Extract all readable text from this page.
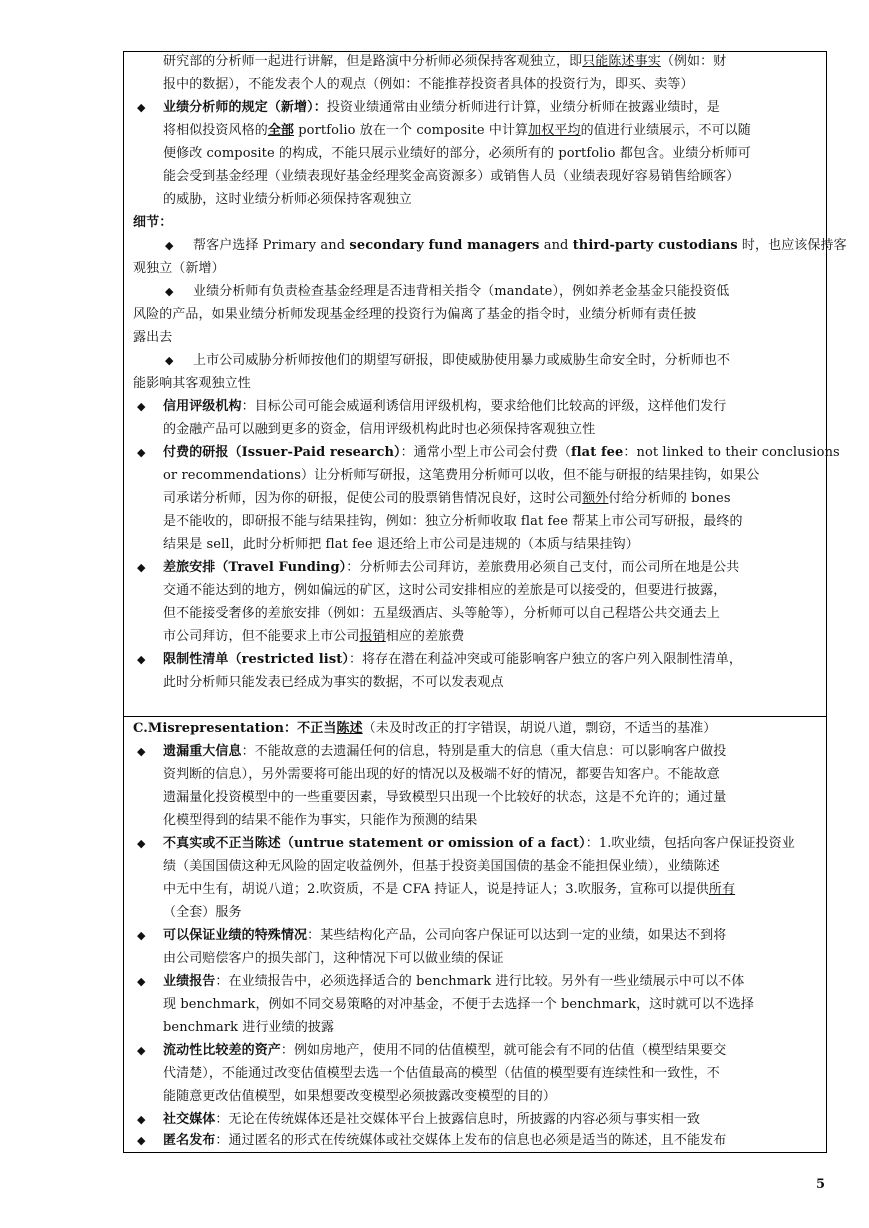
研究部的分析师一起进行讲解，但是路演中分析师必须保持客观独立，即只能陈述事实（例如：财
报中的数据），不能发表个人的观点（例如：不能推荐投资者具体的投资行为，即买、卖等）
◆ 业绩分析师的规定（新增）：投资业绩通常由业绩分析师进行计算，业绩分析师在披露业绩时，是
将相似投资风格的全部 portfolio 放在一个 composite 中计算加权平均的值进行业绩展示，不可以随
便修改 composite 的构成，不能只展示业绩好的部分，必须所有的 portfolio 都包含。业绩分析师可
能会受到基金经理（业绩表现好基金经理奖金高资源多）或销售人员（业绩表现好容易销售给顾客）
的威胁，这时业绩分析师必须保持客观独立
细节：
◆ 帮客户选择 Primary and secondary fund managers and third-party custodians 时，也应该保持客
观独立（新增）
◆ 业绩分析师有负责检查基金经理是否违背相关指令（mandate），例如养老金基金只能投资低
风险的产品，如果业绩分析师发现基金经理的投资行为偏离了基金的指令时，业绩分析师有责任披
露出去
◆ 上市公司威胁分析师按他们的期望写研报，即使威胁使用暴力或威胁生命安全时，分析师也不
能影响其客观独立性
◆ 信用评级机构：目标公司可能会威逼利诱信用评级机构，要求给他们比较高的评级，这样他们发行
的金融产品可以融到更多的资金，信用评级机构此时也必须保持客观独立性
◆ 付费的研报（Issuer-Paid research）：通常小型上市公司会付费（flat fee：not linked to their conclusions
or recommendations）让分析师写研报，这笔费用分析师可以收，但不能与研报的结果挂钩，如果公
司承诺分析师，因为你的研报，促使公司的股票销售情况良好，这时公司额外付给分析师的 bones
是不能收的，即研报不能与结果挂钩，例如：独立分析师收取 flat fee 帮某上市公司写研报，最终的
结果是 sell，此时分析师把 flat fee 退还给上市公司是违规的（本质与结果挂钩）
◆ 差旅安排（Travel Funding）：分析师去公司拜访，差旅费用必须自己支付，而公司所在地是公共
交通不能达到的地方，例如偏远的矿区，这时公司安排相应的差旅是可以接受的，但要进行披露，
但不能接受奢侈的差旅安排（例如：五星级酒店、头等舱等），分析师可以自己程塔公共交通去上
市公司拜访，但不能要求上市公司报销相应的差旅费
◆ 限制性清单（restricted list）：将存在潜在利益冲突或可能影响客户独立的客户列入限制性清单，
此时分析师只能发表已经成为事实的数据，不可以发表观点
C.Misrepresentation：不正当陈述（未及时改正的打字错误，胡说八道，剽窃，不适当的基准）
◆ 遗漏重大信息：不能故意的去遗漏任何的信息，特别是重大的信息（重大信息：可以影响客户做投
资判断的信息），另外需要将可能出现的好的情况以及极端不好的情况，都要告知客户。不能故意
遗漏量化投资模型中的一些重要因素，导致模型只出现一个比较好的状态，这是不允许的；通过量
化模型得到的结果不能作为事实，只能作为预测的结果
◆ 不真实或不正当陈述（untrue statement or omission of a fact）：1.吹业绩，包括向客户保证投资业
绩（美国国债这种无风险的固定收益例外，但基于投资美国国债的基金不能担保业绩），业绩陈述
中无中生有，胡说八道；2.吹资质，不是 CFA 持证人，说是持证人；3.吹服务，宣称可以提供所有
（全套）服务
◆ 可以保证业绩的特殊情况：某些结构化产品，公司向客户保证可以达到一定的业绩，如果达不到将
由公司赔偿客户的损失部门，这种情况下可以做业绩的保证
◆ 业绩报告：在业绩报告中，必须选择适合的 benchmark 进行比较。另外有一些业绩展示中可以不体
现 benchmark，例如不同交易策略的对冲基金，不便于去选择一个 benchmark，这时就可以不选择
benchmark 进行业绩的披露
◆ 流动性比较差的资产：例如房地产，使用不同的估值模型，就可能会有不同的估值（模型结果要交
代清楚），不能通过改变估值模型去选一个估值最高的模型（估值的模型要有连续性和一致性，不
能随意更改估值模型，如果想要改变模型必须披露改变模型的目的）
◆ 社交媒体：无论在传统媒体还是社交媒体平台上披露信息时，所披露的内容必须与事实相一致
◆ 匿名发布：通过匿名的形式在传统媒体或社交媒体上发布的信息也必须是适当的陈述，且不能发布
5
